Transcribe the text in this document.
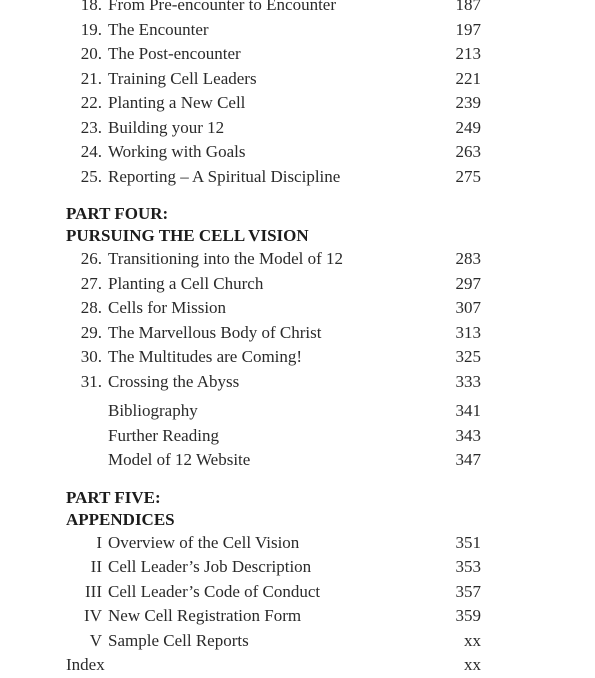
18. From Pre-encounter to Encounter	187
19. The Encounter	197
20. The Post-encounter	213
21. Training Cell Leaders	221
22. Planting a New Cell	239
23. Building your 12	249
24. Working with Goals	263
25. Reporting – A Spiritual Discipline	275
PART FOUR:
PURSUING THE CELL VISION
26. Transitioning into the Model of 12	283
27. Planting a Cell Church	297
28. Cells for Mission	307
29. The Marvellous Body of Christ	313
30. The Multitudes are Coming!	325
31. Crossing the Abyss	333
Bibliography	341
Further Reading	343
Model of 12 Website	347
PART FIVE:
APPENDICES
I Overview of the Cell Vision	351
II Cell Leader’s Job Description	353
III Cell Leader’s Code of Conduct	357
IV New Cell Registration Form	359
V Sample Cell Reports	xx
Index	xx
